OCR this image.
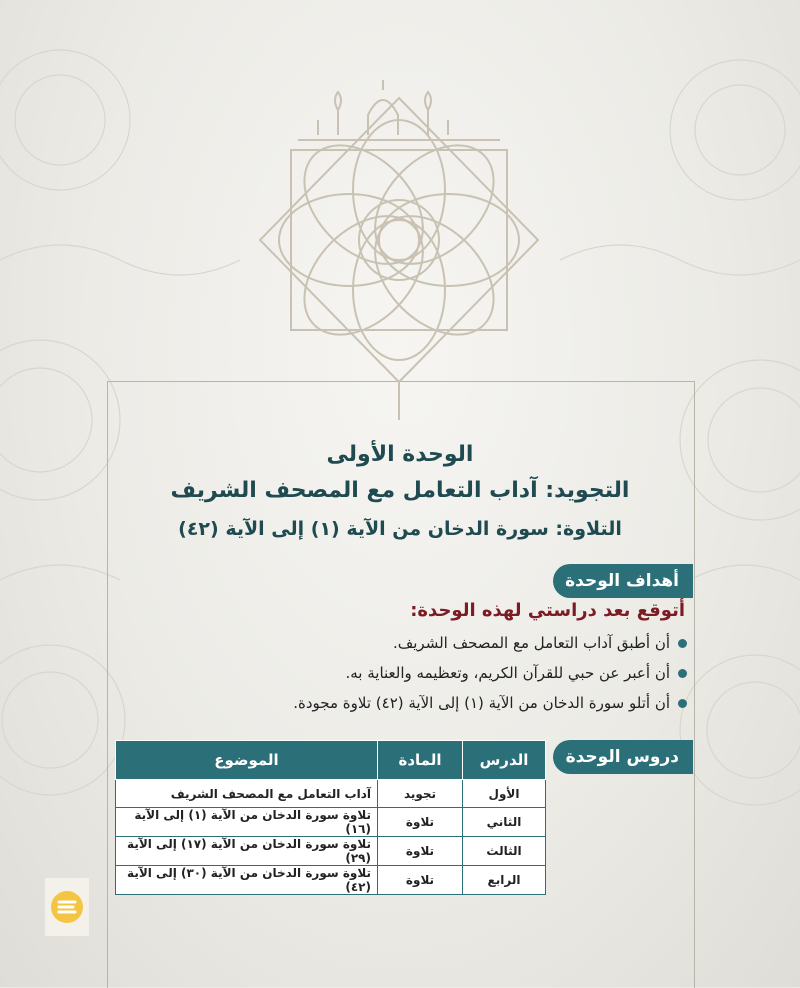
الوحدة الأولى

التجويد: آداب التعامل مع المصحف الشريف

التلاوة: سورة الدخان من الآية (١) إلى الآية (٤٢)

أهداف الوحدة
أتوقع بعد دراستي لهذه الوحدة:
أن أطبق آداب التعامل مع المصحف الشريف.
أن أعبر عن حبي للقرآن الكريم، وتعظيمه والعناية به.
أن أتلو سورة الدخان من الآية (١) إلى الآية (٤٢) تلاوة مجودة.
دروس الوحدة
الدرس	المادة	الموضوع
الأول	تجويد	آداب التعامل مع المصحف الشريف
الثاني	تلاوة	تلاوة سورة الدخان من الآية (١) إلى الآية (١٦)
الثالث	تلاوة	تلاوة سورة الدخان من الآية (١٧) إلى الآية (٢٩)
الرابع	تلاوة	تلاوة سورة الدخان من الآية (٣٠) إلى الآية (٤٢)
